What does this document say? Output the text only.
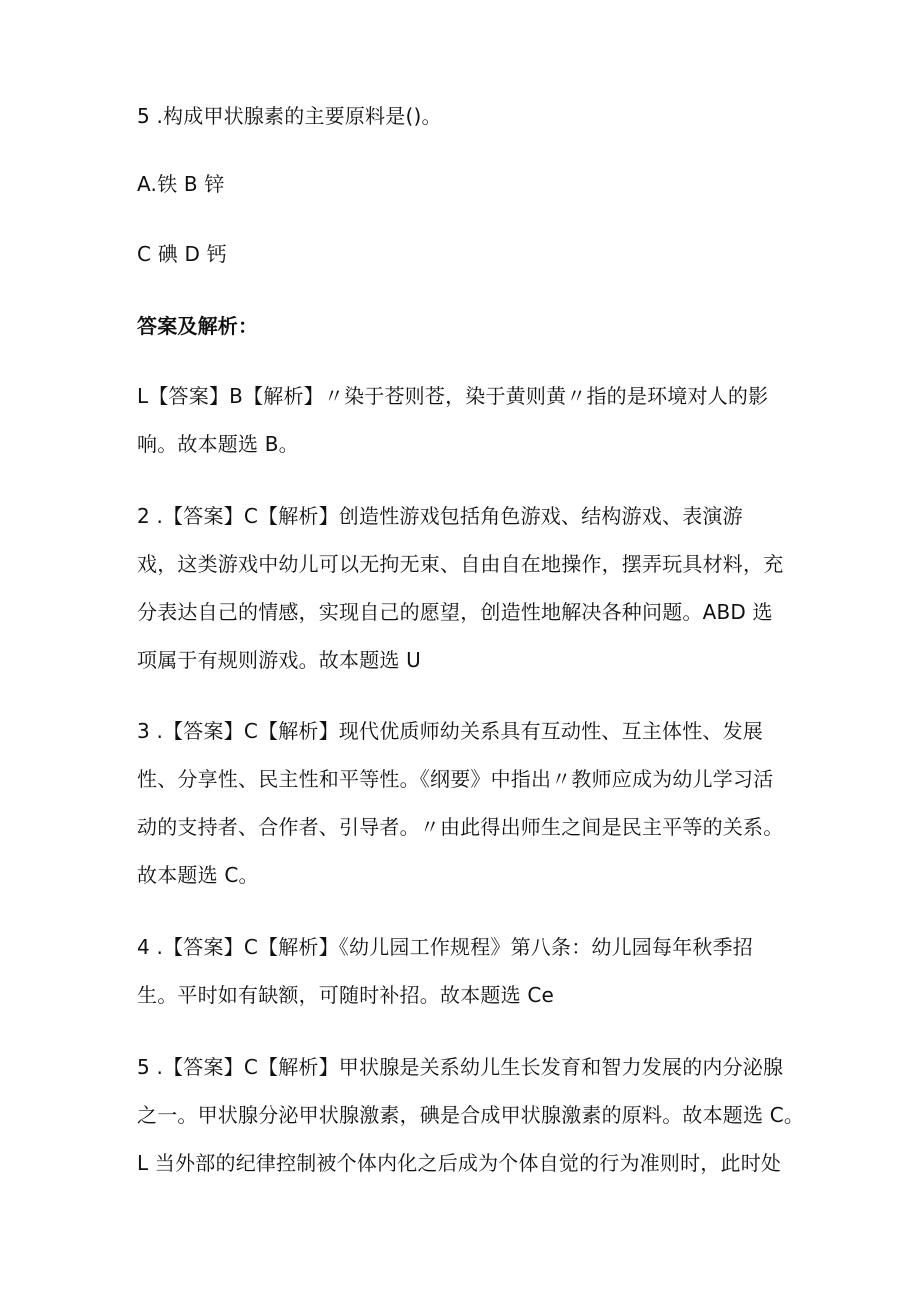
5 .构成甲状腺素的主要原料是()。
A.铁 B 锌
C 碘 D 钙
答案及解析：
L【答案】B【解析】〃染于苍则苍，染于黄则黄〃指的是环境对人的影
响。故本题选 B。
2 .【答案】C【解析】创造性游戏包括角色游戏、结构游戏、表演游
戏，这类游戏中幼儿可以无拘无束、自由自在地操作，摆弄玩具材料，充
分表达自己的情感，实现自己的愿望，创造性地解决各种问题。ABD 选
项属于有规则游戏。故本题选 U
3 .【答案】C【解析】现代优质师幼关系具有互动性、互主体性、发展
性、分享性、民主性和平等性。《纲要》中指出〃教师应成为幼儿学习活
动的支持者、合作者、引导者。〃由此得出师生之间是民主平等的关系。
故本题选 C。
4 .【答案】C【解析】《幼儿园工作规程》第八条：幼儿园每年秋季招
生。平时如有缺额，可随时补招。故本题选 Ce
5 .【答案】C【解析】甲状腺是关系幼儿生长发育和智力发展的内分泌腺
之一。甲状腺分泌甲状腺激素，碘是合成甲状腺激素的原料。故本题选 C。
L 当外部的纪律控制被个体内化之后成为个体自觉的行为准则时，此时处
